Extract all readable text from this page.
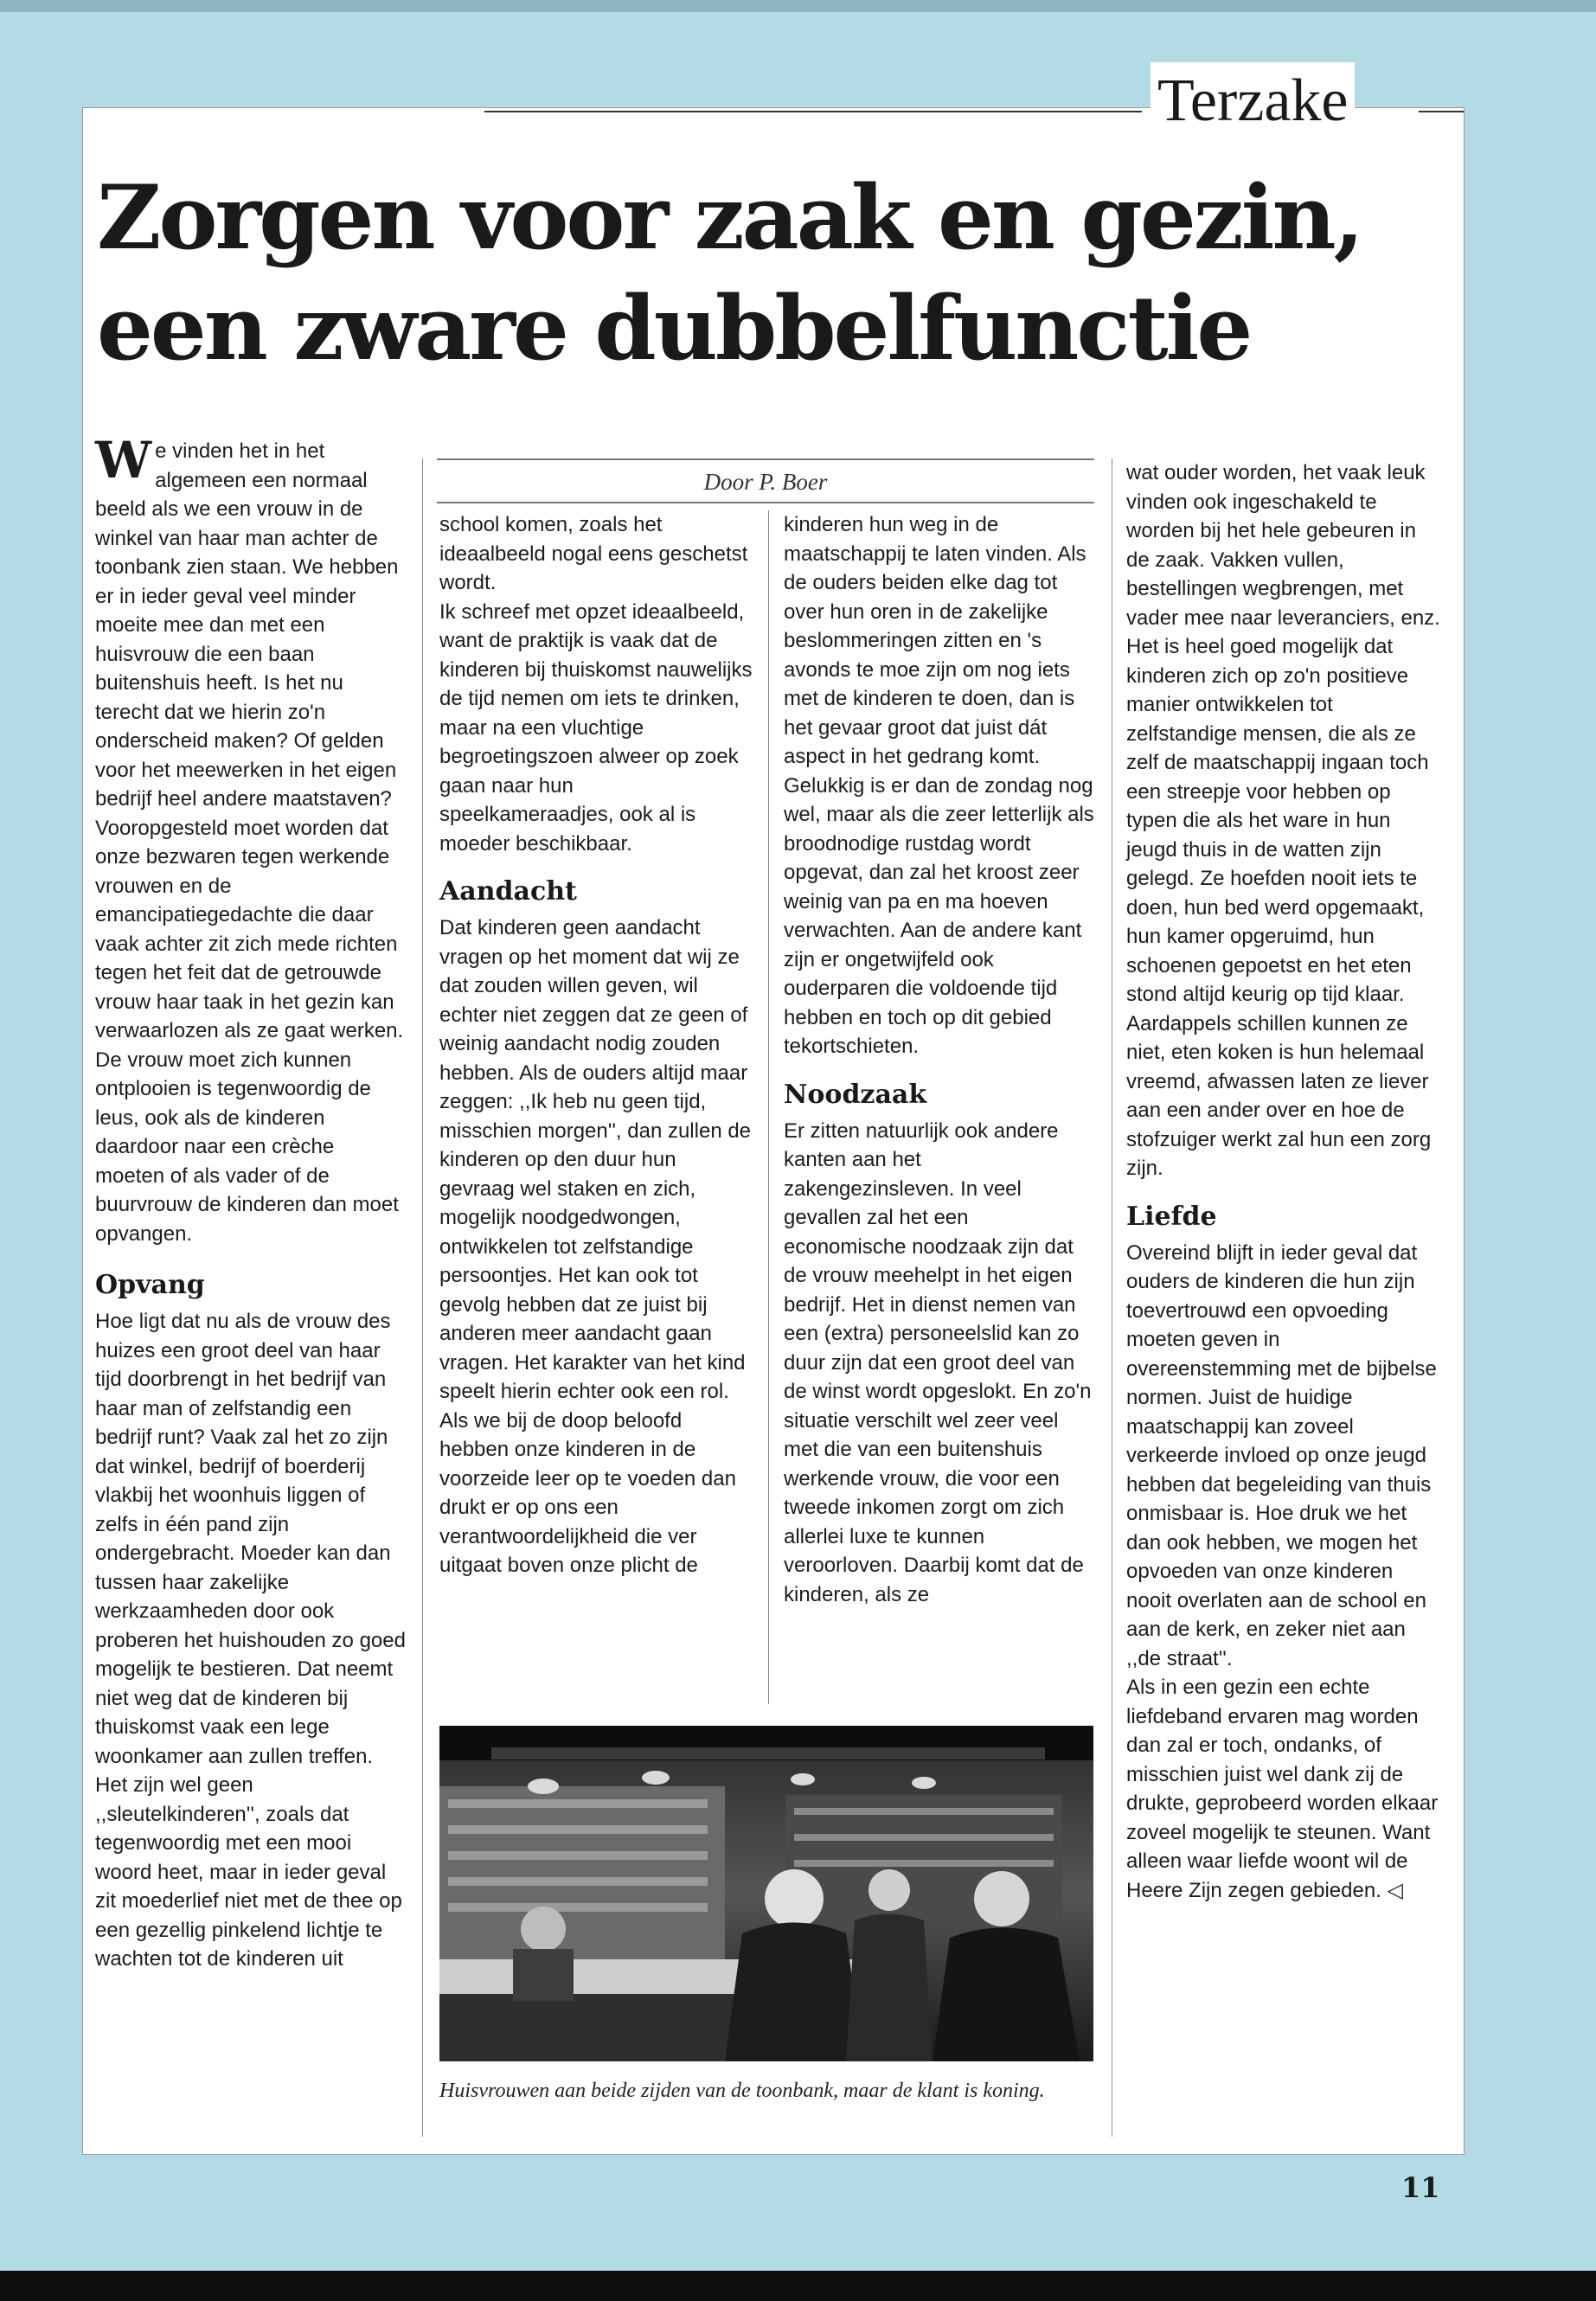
Terzake
Zorgen voor zaak en gezin,
een zware dubbelfunctie

We vinden het in het algemeen een normaal beeld als we een vrouw in de winkel van haar man achter de toonbank zien staan. We hebben er in ieder geval veel minder moeite mee dan met een huisvrouw die een baan buitenshuis heeft. Is het nu terecht dat we hierin zo'n onderscheid maken? Of gelden voor het meewerken in het eigen bedrijf heel andere maatstaven? Vooropgesteld moet worden dat onze bezwaren tegen werkende vrouwen en de emancipatiegedachte die daar vaak achter zit zich mede richten tegen het feit dat de getrouwde vrouw haar taak in het gezin kan verwaarlozen als ze gaat werken. De vrouw moet zich kunnen ontplooien is tegenwoordig de leus, ook als de kinderen daardoor naar een crèche moeten of als vader of de buurvrouw de kinderen dan moet opvangen.

Opvang

Hoe ligt dat nu als de vrouw des huizes een groot deel van haar tijd doorbrengt in het bedrijf van haar man of zelfstandig een bedrijf runt? Vaak zal het zo zijn dat winkel, bedrijf of boerderij vlakbij het woonhuis liggen of zelfs in één pand zijn ondergebracht. Moeder kan dan tussen haar zakelijke werkzaamheden door ook proberen het huishouden zo goed mogelijk te bestieren. Dat neemt niet weg dat de kinderen bij thuiskomst vaak een lege woonkamer aan zullen treffen. Het zijn wel geen ,,sleutelkinderen'', zoals dat tegenwoordig met een mooi woord heet, maar in ieder geval zit moederlief niet met de thee op een gezellig pinkelend lichtje te wachten tot de kinderen uit

Door P. Boer

school komen, zoals het ideaalbeeld nogal eens geschetst wordt.

Ik schreef met opzet ideaalbeeld, want de praktijk is vaak dat de kinderen bij thuiskomst nauwelijks de tijd nemen om iets te drinken, maar na een vluchtige begroetingszoen alweer op zoek gaan naar hun speelkameraadjes, ook al is moeder beschikbaar.

Aandacht

Dat kinderen geen aandacht vragen op het moment dat wij ze dat zouden willen geven, wil echter niet zeggen dat ze geen of weinig aandacht nodig zouden hebben. Als de ouders altijd maar zeggen: ,,Ik heb nu geen tijd, misschien morgen'', dan zullen de kinderen op den duur hun gevraag wel staken en zich, mogelijk noodgedwongen, ontwikkelen tot zelfstandige persoontjes. Het kan ook tot gevolg hebben dat ze juist bij anderen meer aandacht gaan vragen. Het karakter van het kind speelt hierin echter ook een rol.

Als we bij de doop beloofd hebben onze kinderen in de voorzeide leer op te voeden dan drukt er op ons een verantwoordelijkheid die ver uitgaat boven onze plicht de

kinderen hun weg in de maatschappij te laten vinden. Als de ouders beiden elke dag tot over hun oren in de zakelijke beslommeringen zitten en 's avonds te moe zijn om nog iets met de kinderen te doen, dan is het gevaar groot dat juist dát aspect in het gedrang komt. Gelukkig is er dan de zondag nog wel, maar als die zeer letterlijk als broodnodige rustdag wordt opgevat, dan zal het kroost zeer weinig van pa en ma hoeven verwachten. Aan de andere kant zijn er ongetwijfeld ook ouderparen die voldoende tijd hebben en toch op dit gebied tekortschieten.

Noodzaak

Er zitten natuurlijk ook andere kanten aan het zakengezinsleven. In veel gevallen zal het een economische noodzaak zijn dat de vrouw meehelpt in het eigen bedrijf. Het in dienst nemen van een (extra) personeelslid kan zo duur zijn dat een groot deel van de winst wordt opgeslokt. En zo'n situatie verschilt wel zeer veel met die van een buitenshuis werkende vrouw, die voor een tweede inkomen zorgt om zich allerlei luxe te kunnen veroorloven. Daarbij komt dat de kinderen, als ze

wat ouder worden, het vaak leuk vinden ook ingeschakeld te worden bij het hele gebeuren in de zaak. Vakken vullen, bestellingen wegbrengen, met vader mee naar leveranciers, enz. Het is heel goed mogelijk dat kinderen zich op zo'n positieve manier ontwikkelen tot zelfstandige mensen, die als ze zelf de maatschappij ingaan toch een streepje voor hebben op typen die als het ware in hun jeugd thuis in de watten zijn gelegd. Ze hoefden nooit iets te doen, hun bed werd opgemaakt, hun kamer opgeruimd, hun schoenen gepoetst en het eten stond altijd keurig op tijd klaar. Aardappels schillen kunnen ze niet, eten koken is hun helemaal vreemd, afwassen laten ze liever aan een ander over en hoe de stofzuiger werkt zal hun een zorg zijn.

Liefde

Overeind blijft in ieder geval dat ouders de kinderen die hun zijn toevertrouwd een opvoeding moeten geven in overeenstemming met de bijbelse normen. Juist de huidige maatschappij kan zoveel verkeerde invloed op onze jeugd hebben dat begeleiding van thuis onmisbaar is. Hoe druk we het dan ook hebben, we mogen het opvoeden van onze kinderen nooit overlaten aan de school en aan de kerk, en zeker niet aan ,,de straat''.

Als in een gezin een echte liefdeband ervaren mag worden dan zal er toch, ondanks, of misschien juist wel dank zij de drukte, geprobeerd worden elkaar zoveel mogelijk te steunen. Want alleen waar liefde woont wil de Heere Zijn zegen gebieden. ◁

Huisvrouwen aan beide zijden van de toonbank, maar de klant is koning.
11
